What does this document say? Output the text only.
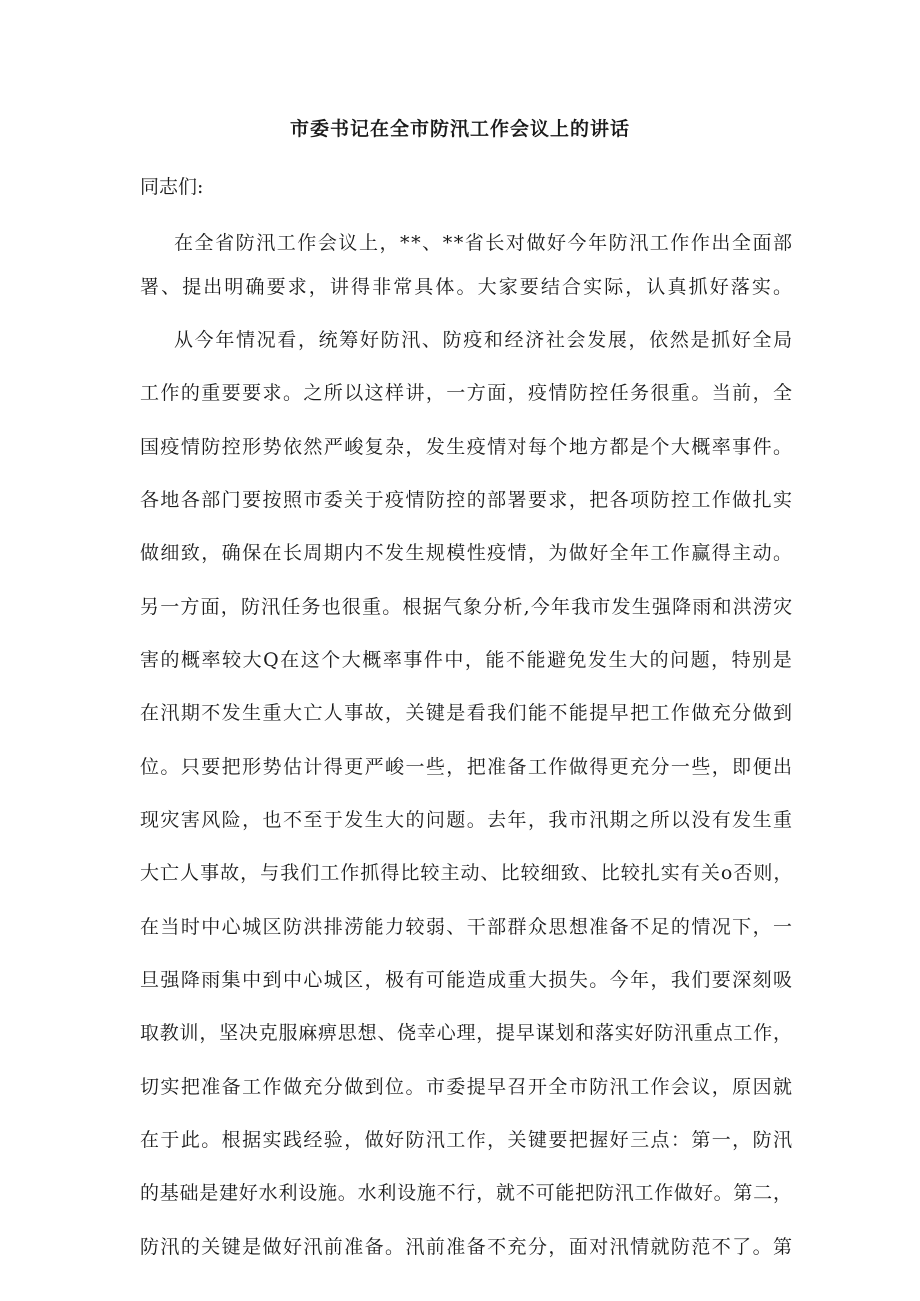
市委书记在全市防汛工作会议上的讲话

同志们:

在全省防汛工作会议上，**、**省长对做好今年防汛工作作出全面部

署、提出明确要求，讲得非常具体。大家要结合实际，认真抓好落实。

从今年情况看，统筹好防汛、防疫和经济社会发展，依然是抓好全局

工作的重要要求。之所以这样讲，一方面，疫情防控任务很重。当前，全

国疫情防控形势依然严峻复杂，发生疫情对每个地方都是个大概率事件。

各地各部门要按照市委关于疫情防控的部署要求，把各项防控工作做扎实

做细致，确保在长周期内不发生规模性疫情，为做好全年工作赢得主动。

另一方面，防汛任务也很重。根据气象分析,今年我市发生强降雨和洪涝灾

害的概率较大Q在这个大概率事件中，能不能避免发生大的问题，特别是

在汛期不发生重大亡人事故，关键是看我们能不能提早把工作做充分做到

位。只要把形势估计得更严峻一些，把准备工作做得更充分一些，即便出

现灾害风险，也不至于发生大的问题。去年，我市汛期之所以没有发生重

大亡人事故，与我们工作抓得比较主动、比较细致、比较扎实有关o否则，

在当时中心城区防洪排涝能力较弱、干部群众思想准备不足的情况下，一

旦强降雨集中到中心城区，极有可能造成重大损失。今年，我们要深刻吸

取教训，坚决克服麻痹思想、侥幸心理，提早谋划和落实好防汛重点工作，

切实把准备工作做充分做到位。市委提早召开全市防汛工作会议，原因就

在于此。根据实践经验，做好防汛工作，关键要把握好三点：第一，防汛

的基础是建好水利设施。水利设施不行，就不可能把防汛工作做好。第二，

防汛的关键是做好汛前准备。汛前准备不充分，面对汛情就防范不了。第
